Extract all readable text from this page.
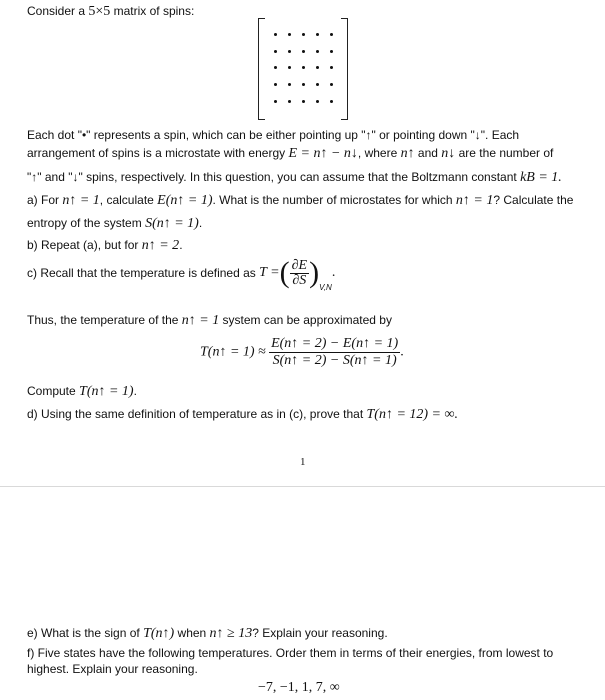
Consider a 5×5 matrix of spins:
Each dot "•" represents a spin, which can be either pointing up "↑" or pointing down "↓". Each
arrangement of spins is a microstate with energy E = n↑ − n↓, where n↑ and n↓ are the number of
"↑" and "↓" spins, respectively. In this question, you can assume that the Boltzmann constant kB = 1.
a) For n↑ = 1, calculate E(n↑ = 1). What is the number of microstates for which n↑ = 1? Calculate the
entropy of the system S(n↑ = 1).
b) Repeat (a), but for n↑ = 2.
c) Recall that the temperature is defined as T =( $\frac{\partial E}{\partial S} )_{V,N}$.
Thus, the temperature of the n↑ = 1 system can be approximated by
T(n↑ = $1) \approx \frac{E(n↑ = 2) - E(n↑ = 1)}{S(n↑ = 2) - S(n↑ = 1)}$ .
Compute T(n↑ = 1).
d) Using the same definition of temperature as in (c), prove that T(n↑ = 12) = ∞.
1
e) What is the sign of T(n↑) when n↑ ≥ 13? Explain your reasoning.
f) Five states have the following temperatures. Order them in terms of their energies, from lowest to
highest. Explain your reasoning.
−7, −1, 1, 7, ∞
